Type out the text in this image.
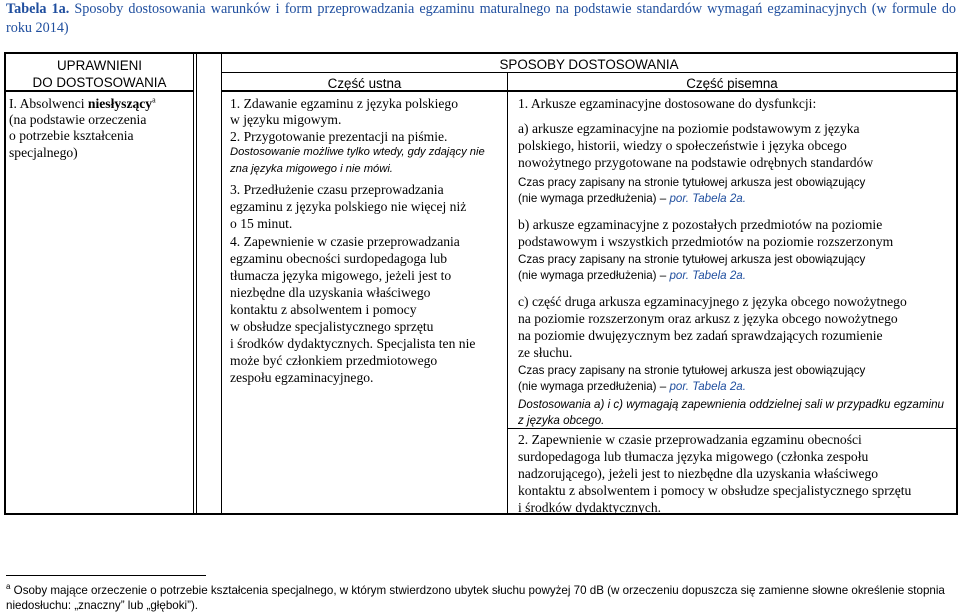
Tabela 1a. Sposoby dostosowania warunków i form przeprowadzania egzaminu maturalnego na podstawie standardów wymagań egzaminacyjnych (w formule do roku 2014)
UPRAWNIENI
DO DOSTOSOWANIA
SPOSOBY DOSTOSOWANIA
Część ustna	Część pisemna
I. Absolwenci niesłyszący$^a$
(na podstawie orzeczenia
o potrzebie kształcenia
specjalnego)
1. Zdawanie egzaminu z języka polskiego
w języku migowym.
2. Przygotowanie prezentacji na piśmie.
Dostosowanie możliwe tylko wtedy, gdy zdający nie
zna języka migowego i nie mówi.
3. Przedłużenie czasu przeprowadzania
egzaminu z języka polskiego nie więcej niż
o 15 minut.
4. Zapewnienie w czasie przeprowadzania
egzaminu obecności surdopedagoga lub
tłumacza języka migowego, jeżeli jest to
niezbędne dla uzyskania właściwego
kontaktu z absolwentem i pomocy
w obsłudze specjalistycznego sprzętu
i środków dydaktycznych. Specjalista ten nie
może być członkiem przedmiotowego
zespołu egzaminacyjnego.
1. Arkusze egzaminacyjne dostosowane do dysfunkcji:
a) arkusze egzaminacyjne na poziomie podstawowym z języka
polskiego, historii, wiedzy o społeczeństwie i języka obcego
nowożytnego przygotowane na podstawie odrębnych standardów
Czas pracy zapisany na stronie tytułowej arkusza jest obowiązujący
(nie wymaga przedłużenia) – por. Tabela 2a.
b) arkusze egzaminacyjne z pozostałych przedmiotów na poziomie
podstawowym i wszystkich przedmiotów na poziomie rozszerzonym
Czas pracy zapisany na stronie tytułowej arkusza jest obowiązujący
(nie wymaga przedłużenia) – por. Tabela 2a.
c) część druga arkusza egzaminacyjnego z języka obcego nowożytnego
na poziomie rozszerzonym oraz arkusz z języka obcego nowożytnego
na poziomie dwujęzycznym bez zadań sprawdzających rozumienie
ze słuchu.
Czas pracy zapisany na stronie tytułowej arkusza jest obowiązujący
(nie wymaga przedłużenia) – por. Tabela 2a.
Dostosowania a) i c) wymagają zapewnienia oddzielnej sali w przypadku egzaminu
z języka obcego.
2. Zapewnienie w czasie przeprowadzania egzaminu obecności
surdopedagoga lub tłumacza języka migowego (członka zespołu
nadzorującego), jeżeli jest to niezbędne dla uzyskania właściwego
kontaktu z absolwentem i pomocy w obsłudze specjalistycznego sprzętu
i środków dydaktycznych.
$^a$ Osoby mające orzeczenie o potrzebie kształcenia specjalnego, w którym stwierdzono ubytek słuchu powyżej 70 dB (w orzeczeniu dopuszcza się zamienne słowne określenie stopnia niedosłuchu: „znaczny” lub „głęboki”).
